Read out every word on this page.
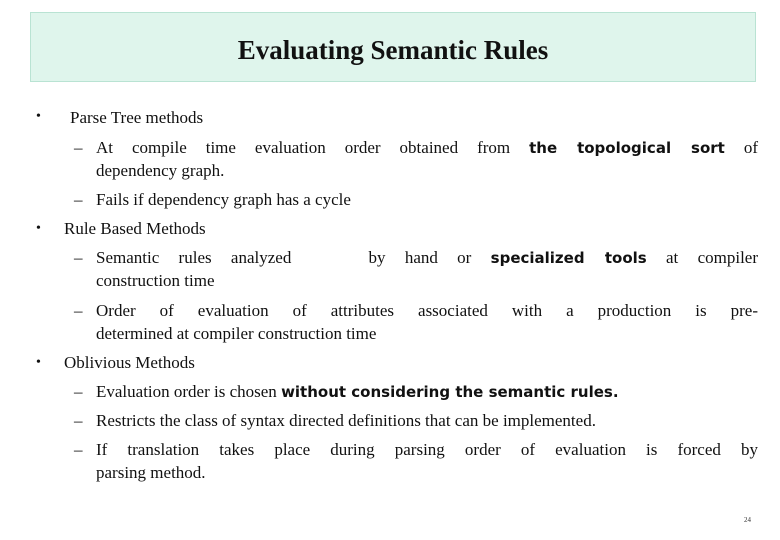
Evaluating Semantic Rules
• Parse Tree methods
– At compile time evaluation order obtained from the topological sort of
dependency graph.
– Fails if dependency graph has a cycle
• Rule Based Methods
– Semantic rules analyzed    by hand or specialized tools at compiler
construction time
– Order of evaluation of attributes associated with a production is pre-
determined at compiler construction time
• Oblivious Methods
– Evaluation order is chosen without considering the semantic rules.
– Restricts the class of syntax directed definitions that can be implemented.
– If translation takes place during parsing order of evaluation is forced by
parsing method.
24
